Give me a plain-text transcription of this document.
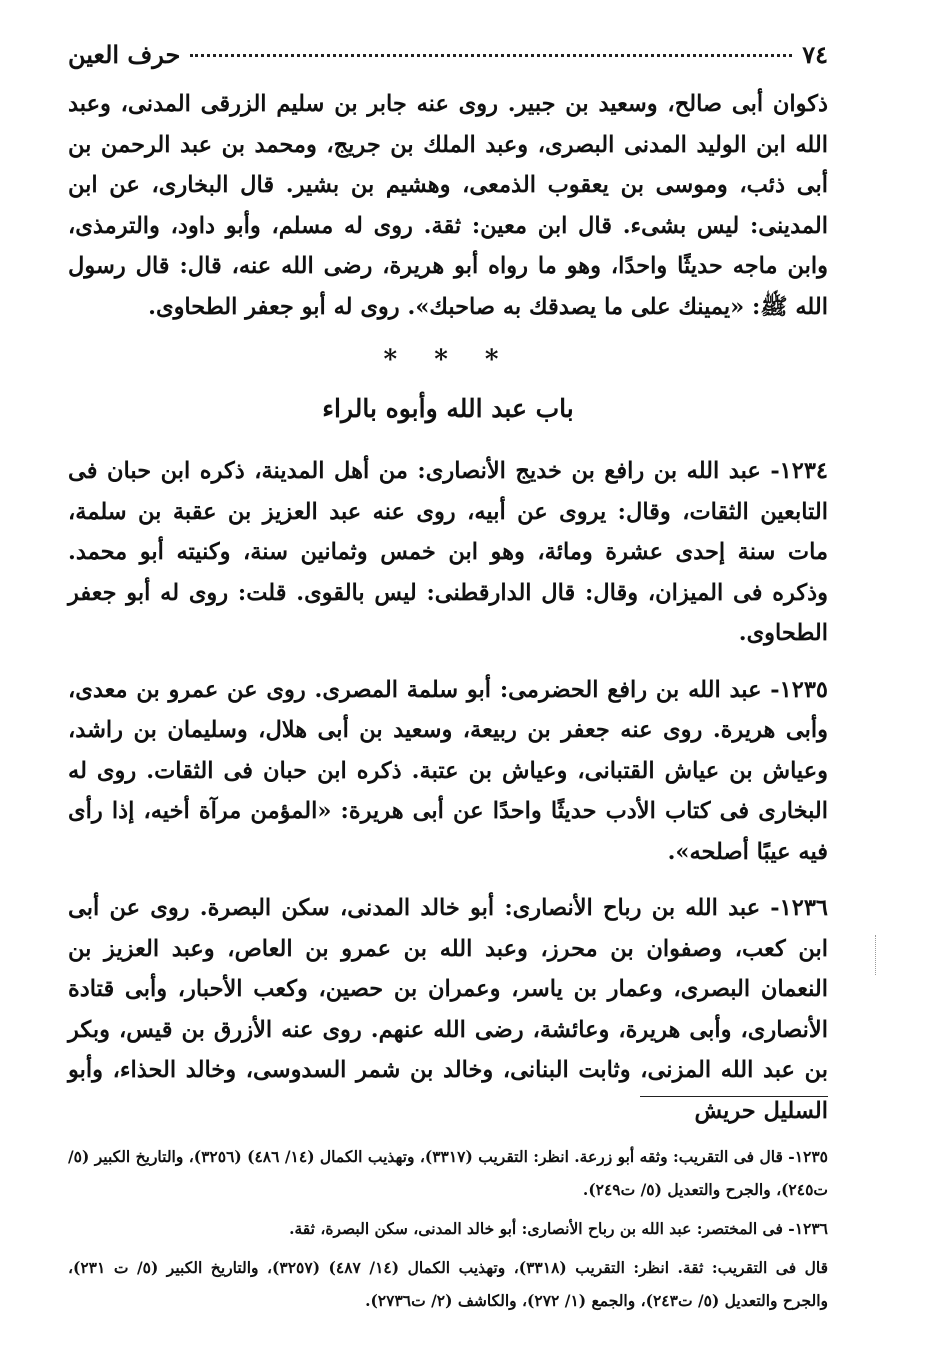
٧٤
حرف العين

ذكوان أبى صالح، وسعيد بن جبير. روى عنه جابر بن سليم الزرقى المدنى، وعبد الله ابن الوليد المدنى البصرى، وعبد الملك بن جريج، ومحمد بن عبد الرحمن بن أبى ذئب، وموسى بن يعقوب الذمعى، وهشيم بن بشير. قال البخارى، عن ابن المدينى: ليس بشىء. قال ابن معين: ثقة. روى له مسلم، وأبو داود، والترمذى، وابن ماجه حديثًا واحدًا، وهو ما رواه أبو هريرة، رضى الله عنه، قال: قال رسول الله ﷺ: «يمينك على ما يصدقك به صاحبك». روى له أبو جعفر الطحاوى.

* * *
باب عبد الله وأبوه بالراء

١٢٣٤- عبد الله بن رافع بن خديج الأنصارى: من أهل المدينة، ذكره ابن حبان فى التابعين الثقات، وقال: يروى عن أبيه، روى عنه عبد العزيز بن عقبة بن سلمة، مات سنة إحدى عشرة ومائة، وهو ابن خمس وثمانين سنة، وكنيته أبو محمد. وذكره فى الميزان، وقال: قال الدارقطنى: ليس بالقوى. قلت: روى له أبو جعفر الطحاوى.

١٢٣٥- عبد الله بن رافع الحضرمى: أبو سلمة المصرى. روى عن عمرو بن معدى، وأبى هريرة. روى عنه جعفر بن ربيعة، وسعيد بن أبى هلال، وسليمان بن راشد، وعياش بن عياش القتبانى، وعياش بن عتبة. ذكره ابن حبان فى الثقات. روى له البخارى فى كتاب الأدب حديثًا واحدًا عن أبى هريرة: «المؤمن مرآة أخيه، إذا رأى فيه عيبًا أصلحه».

١٢٣٦- عبد الله بن رباح الأنصارى: أبو خالد المدنى، سكن البصرة. روى عن أبى ابن كعب، وصفوان بن محرز، وعبد الله بن عمرو بن العاص، وعبد العزيز بن النعمان البصرى، وعمار بن ياسر، وعمران بن حصين، وكعب الأحبار، وأبى قتادة الأنصارى، وأبى هريرة، وعائشة، رضى الله عنهم. روى عنه الأزرق بن قيس، وبكر بن عبد الله المزنى، وثابت البنانى، وخالد بن شمر السدوسى، وخالد الحذاء، وأبو السليل حريش

١٢٣٥- قال فى التقريب: وثقه أبو زرعة. انظر: التقريب (٣٣١٧)، وتهذيب الكمال (١٤/ ٤٨٦) (٣٢٥٦)، والتاريخ الكبير (٥/ ت٢٤٥)، والجرح والتعديل (٥/ ت٢٤٩).

١٢٣٦- فى المختصر: عبد الله بن رباح الأنصارى: أبو خالد المدنى، سكن البصرة، ثقة.

قال فى التقريب: ثقة. انظر: التقريب (٣٣١٨)، وتهذيب الكمال (١٤/ ٤٨٧) (٣٢٥٧)، والتاريخ الكبير (٥/ ت ٢٣١)، والجرح والتعديل (٥/ ت٢٤٣)، والجمع (١/ ٢٧٢)، والكاشف (٢/ ت٢٧٣٦).
